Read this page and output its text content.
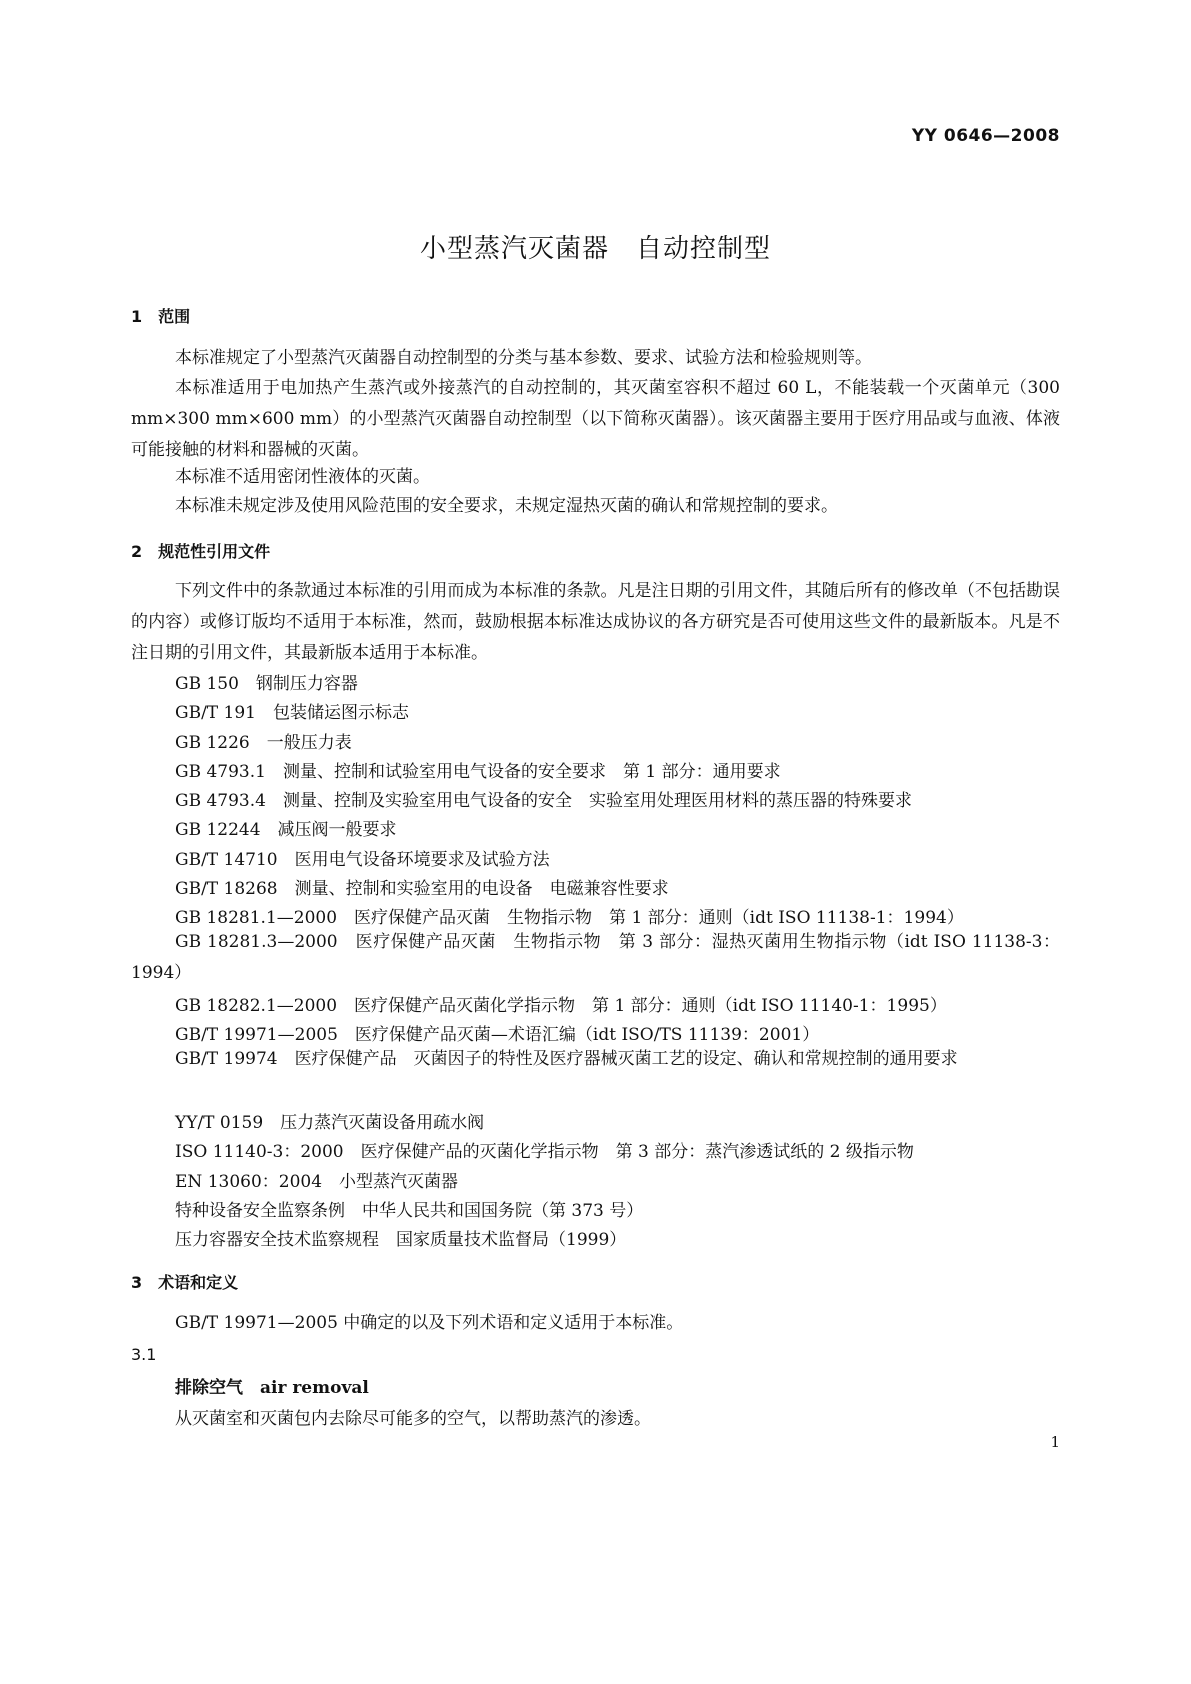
YY 0646—2008
小型蒸汽灭菌器　自动控制型
1　范围
本标准规定了小型蒸汽灭菌器自动控制型的分类与基本参数、要求、试验方法和检验规则等。
本标准适用于电加热产生蒸汽或外接蒸汽的自动控制的，其灭菌室容积不超过 60 L，不能装载一个灭菌单元（300 mm×300 mm×600 mm）的小型蒸汽灭菌器自动控制型（以下简称灭菌器）。该灭菌器主要用于医疗用品或与血液、体液可能接触的材料和器械的灭菌。
本标准不适用密闭性液体的灭菌。
本标准未规定涉及使用风险范围的安全要求，未规定湿热灭菌的确认和常规控制的要求。
2　规范性引用文件
下列文件中的条款通过本标准的引用而成为本标准的条款。凡是注日期的引用文件，其随后所有的修改单（不包括勘误的内容）或修订版均不适用于本标准，然而，鼓励根据本标准达成协议的各方研究是否可使用这些文件的最新版本。凡是不注日期的引用文件，其最新版本适用于本标准。
GB 150　钢制压力容器
GB/T 191　包装储运图示标志
GB 1226　一般压力表
GB 4793.1　测量、控制和试验室用电气设备的安全要求　第 1 部分：通用要求
GB 4793.4　测量、控制及实验室用电气设备的安全　实验室用处理医用材料的蒸压器的特殊要求
GB 12244　减压阀一般要求
GB/T 14710　医用电气设备环境要求及试验方法
GB/T 18268　测量、控制和实验室用的电设备　电磁兼容性要求
GB 18281.1—2000　医疗保健产品灭菌　生物指示物　第 1 部分：通则（idt ISO 11138-1：1994）
GB 18281.3—2000　医疗保健产品灭菌　生物指示物　第 3 部分：湿热灭菌用生物指示物（idt ISO 11138-3：1994）
GB 18282.1—2000　医疗保健产品灭菌化学指示物　第 1 部分：通则（idt ISO 11140-1：1995）
GB/T 19971—2005　医疗保健产品灭菌—术语汇编（idt ISO/TS 11139：2001）
GB/T 19974　医疗保健产品　灭菌因子的特性及医疗器械灭菌工艺的设定、确认和常规控制的通用要求
YY/T 0159　压力蒸汽灭菌设备用疏水阀
ISO 11140-3：2000　医疗保健产品的灭菌化学指示物　第 3 部分：蒸汽渗透试纸的 2 级指示物
EN 13060：2004　小型蒸汽灭菌器
特种设备安全监察条例　中华人民共和国国务院（第 373 号）
压力容器安全技术监察规程　国家质量技术监督局（1999）
3　术语和定义
GB/T 19971—2005 中确定的以及下列术语和定义适用于本标准。
3.1
排除空气　air removal
从灭菌室和灭菌包内去除尽可能多的空气，以帮助蒸汽的渗透。
1
